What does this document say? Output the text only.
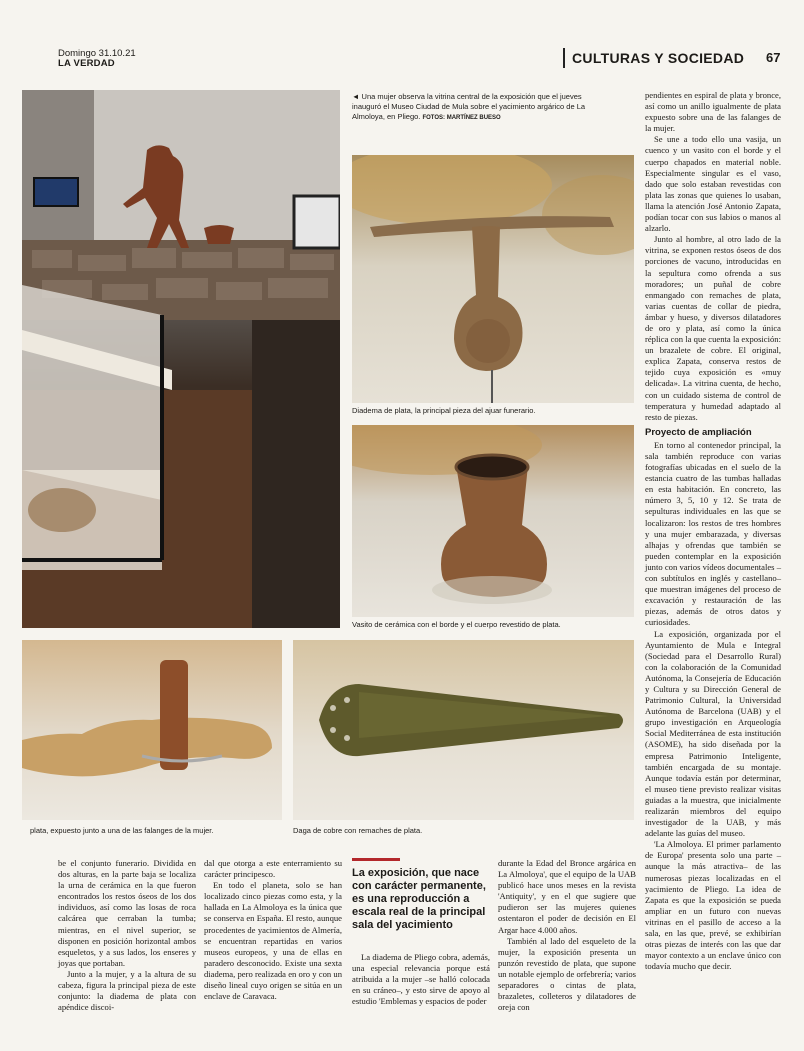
Domingo 31.10.21
LA VERDAD	CULTURAS Y SOCIEDAD 67
◄ Una mujer observa la vitrina central de la exposición que el jueves inauguró el Museo Ciudad de Mula sobre el yacimiento argárico de La Almoloya, en Pliego. FOTOS: MARTÍNEZ BUESO
Diadema de plata, la principal pieza del ajuar funerario.
Vasito de cerámica con el borde y el cuerpo revestido de plata.
plata, expuesto junto a una de las falanges de la mujer.	Daga de cobre con remaches de plata.

pendientes en espiral de plata y bronce, así como un anillo igualmente de plata expuesto sobre una de las falanges de la mujer.

Se une a todo ello una vasija, un cuenco y un vasito con el borde y el cuerpo chapados en material noble. Especialmente singular es el vaso, dado que solo estaban revestidas con plata las zonas que quienes lo usaban, llama la atención José Antonio Zapata, podían tocar con sus labios o manos al alzarlo.

Junto al hombre, al otro lado de la vitrina, se exponen restos óseos de dos porciones de vacuno, introducidas en la sepultura como ofrenda a sus moradores; un puñal de cobre enmangado con remaches de plata, varias cuentas de collar de piedra, ámbar y hueso, y diversos dilatadores de oro y plata, así como la única réplica con la que cuenta la exposición: un brazalete de cobre. El original, explica Zapata, conserva restos de tejido cuya exposición es «muy delicada». La vitrina cuenta, de hecho, con un cuidado sistema de control de temperatura y humedad adaptado al resto de piezas.

Proyecto de ampliación

En torno al contenedor principal, la sala también reproduce con varias fotografías ubicadas en el suelo de la estancia cuatro de las tumbas halladas en esta habitación. En concreto, las número 3, 5, 10 y 12. Se trata de sepulturas individuales en las que se localizaron: los restos de tres hombres y una mujer embarazada, y diversas alhajas y ofrendas que también se pueden contemplar en la exposición junto con varios vídeos documentales –con subtítulos en inglés y castellano– que muestran imágenes del proceso de excavación y restauración de las piezas, además de otros datos y curiosidades.

La exposición, organizada por el Ayuntamiento de Mula e Integral (Sociedad para el Desarrollo Rural) con la colaboración de la Comunidad Autónoma, la Consejería de Educación y Cultura y su Dirección General de Patrimonio Cultural, la Universidad Autónoma de Barcelona (UAB) y el grupo investigación en Arqueología Social Mediterránea de esta institución (ASOME), ha sido diseñada por la empresa Patrimonio Inteligente, también encargada de su montaje. Aunque todavía están por determinar, el museo tiene previsto realizar visitas guiadas a la muestra, que inicialmente realizarán miembros del equipo investigador de la UAB, y más adelante las guías del museo.

'La Almoloya. El primer parlamento de Europa' presenta solo una parte –aunque la más atractiva– de las numerosas piezas localizadas en el yacimiento de Pliego. La idea de Zapata es que la exposición se pueda ampliar en un futuro con nuevas vitrinas en el pasillo de acceso a la sala, en las que, prevé, se exhibirían otras piezas de interés con las que dar mayor contexto a un enclave único con todavía mucho que decir.

be el conjunto funerario. Dividida en dos alturas, en la parte baja se localiza la urna de cerámica en la que fueron encontrados los restos óseos de los dos individuos, así como las losas de roca calcárea que cerraban la tumba; mientras, en el nivel superior, se disponen en posición horizontal ambos esqueletos, y a sus lados, los enseres y joyas que portaban.

Junto a la mujer, y a la altura de su cabeza, figura la principal pieza de este conjunto: la diadema de plata con apéndice discoi-

dal que otorga a este enterramiento su carácter principesco.

En todo el planeta, solo se han localizado cinco piezas como esta, y la hallada en La Almoloya es la única que se conserva en España. El resto, aunque procedentes de yacimientos de Almería, se encuentran repartidas en varios museos europeos, y una de ellas en paradero desconocido. Existe una sexta diadema, pero realizada en oro y con un diseño lineal cuyo origen se sitúa en un enclave de Caravaca.

La exposición, que nace con carácter permanente, es una reproducción a escala real de la principal sala del yacimiento

La diadema de Pliego cobra, además, una especial relevancia porque está atribuida a la mujer –se halló colocada en su cráneo–, y esto sirve de apoyo al estudio 'Emblemas y espacios de poder

durante la Edad del Bronce argárica en La Almoloya', que el equipo de la UAB publicó hace unos meses en la revista 'Antiquity', y en el que sugiere que pudieron ser las mujeres quienes ostentaron el poder de decisión en El Argar hace 4.000 años.

También al lado del esqueleto de la mujer, la exposición presenta un punzón revestido de plata, que supone un notable ejemplo de orfebrería; varios separadores o cintas de plata, brazaletes, colleteros y dilatadores de oreja con
